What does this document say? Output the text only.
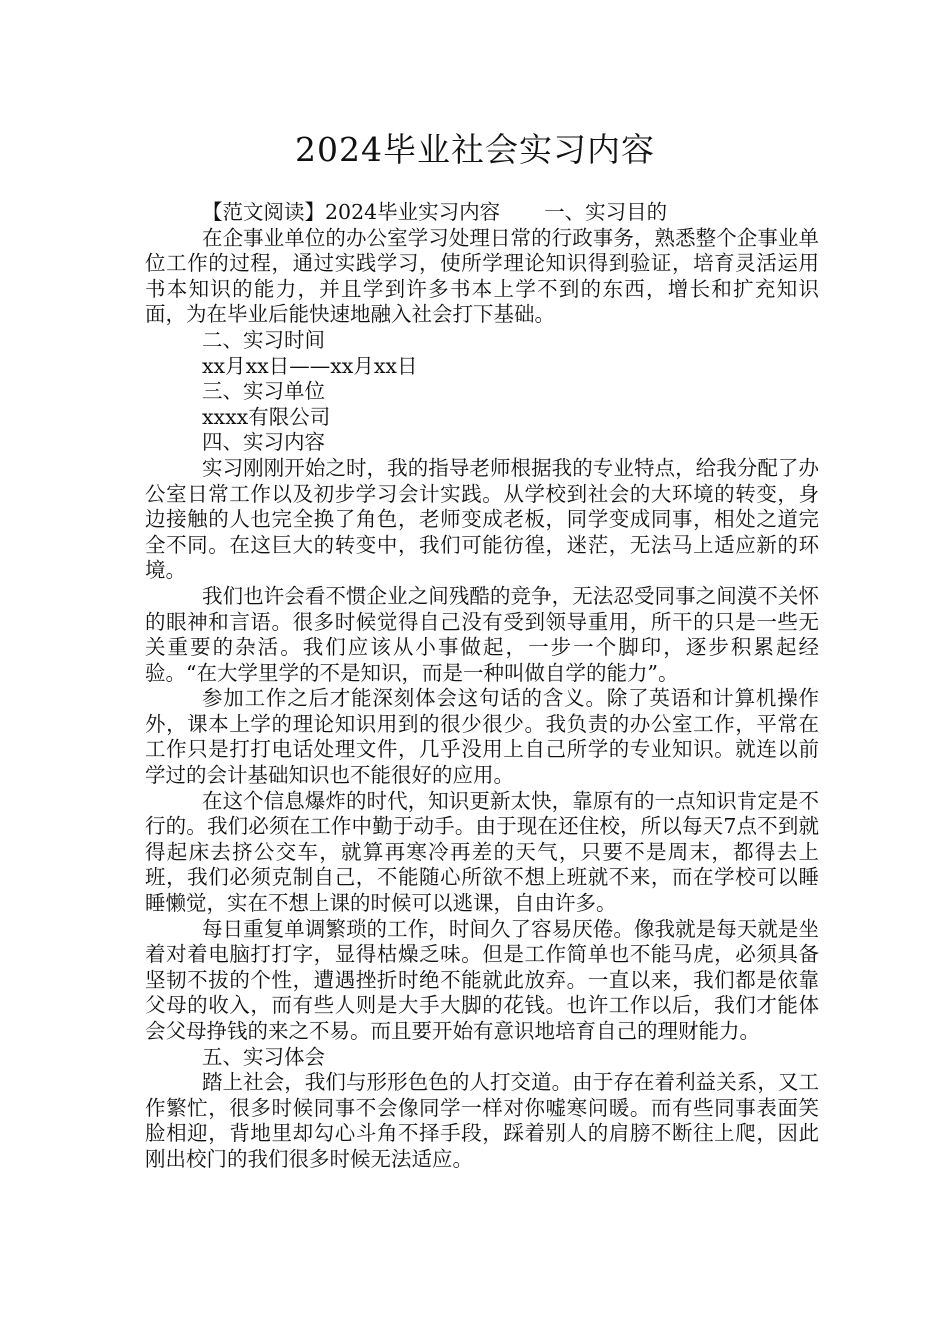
2024毕业社会实习内容

【范文阅读】2024毕业实习内容 一、实习目的

在企事业单位的办公室学习处理日常的行政事务，熟悉整个企事业单位工作的过程，通过实践学习，使所学理论知识得到验证，培育灵活运用书本知识的能力，并且学到许多书本上学不到的东西，增长和扩充知识面，为在毕业后能快速地融入社会打下基础。

二、实习时间

xx月xx日——xx月xx日

三、实习单位

xxxx有限公司

四、实习内容

实习刚刚开始之时，我的指导老师根据我的专业特点，给我分配了办公室日常工作以及初步学习会计实践。从学校到社会的大环境的转变，身边接触的人也完全换了角色，老师变成老板，同学变成同事，相处之道完全不同。在这巨大的转变中，我们可能彷徨，迷茫，无法马上适应新的环境。

我们也许会看不惯企业之间残酷的竞争，无法忍受同事之间漠不关怀的眼神和言语。很多时候觉得自己没有受到领导重用，所干的只是一些无关重要的杂活。我们应该从小事做起，一步一个脚印，逐步积累起经验。“在大学里学的不是知识，而是一种叫做自学的能力”。

参加工作之后才能深刻体会这句话的含义。除了英语和计算机操作外，课本上学的理论知识用到的很少很少。我负责的办公室工作，平常在工作只是打打电话处理文件，几乎没用上自己所学的专业知识。就连以前学过的会计基础知识也不能很好的应用。

在这个信息爆炸的时代，知识更新太快，靠原有的一点知识肯定是不行的。我们必须在工作中勤于动手。由于现在还住校，所以每天7点不到就得起床去挤公交车，就算再寒冷再差的天气，只要不是周末，都得去上班，我们必须克制自己，不能随心所欲不想上班就不来，而在学校可以睡睡懒觉，实在不想上课的时候可以逃课，自由许多。

每日重复单调繁琐的工作，时间久了容易厌倦。像我就是每天就是坐着对着电脑打打字，显得枯燥乏味。但是工作简单也不能马虎，必须具备坚韧不拔的个性，遭遇挫折时绝不能就此放弃。一直以来，我们都是依靠父母的收入，而有些人则是大手大脚的花钱。也许工作以后，我们才能体会父母挣钱的来之不易。而且要开始有意识地培育自己的理财能力。

五、实习体会

踏上社会，我们与形形色色的人打交道。由于存在着利益关系，又工作繁忙，很多时候同事不会像同学一样对你嘘寒问暖。而有些同事表面笑脸相迎，背地里却勾心斗角不择手段，踩着别人的肩膀不断往上爬，因此刚出校门的我们很多时候无法适应。
